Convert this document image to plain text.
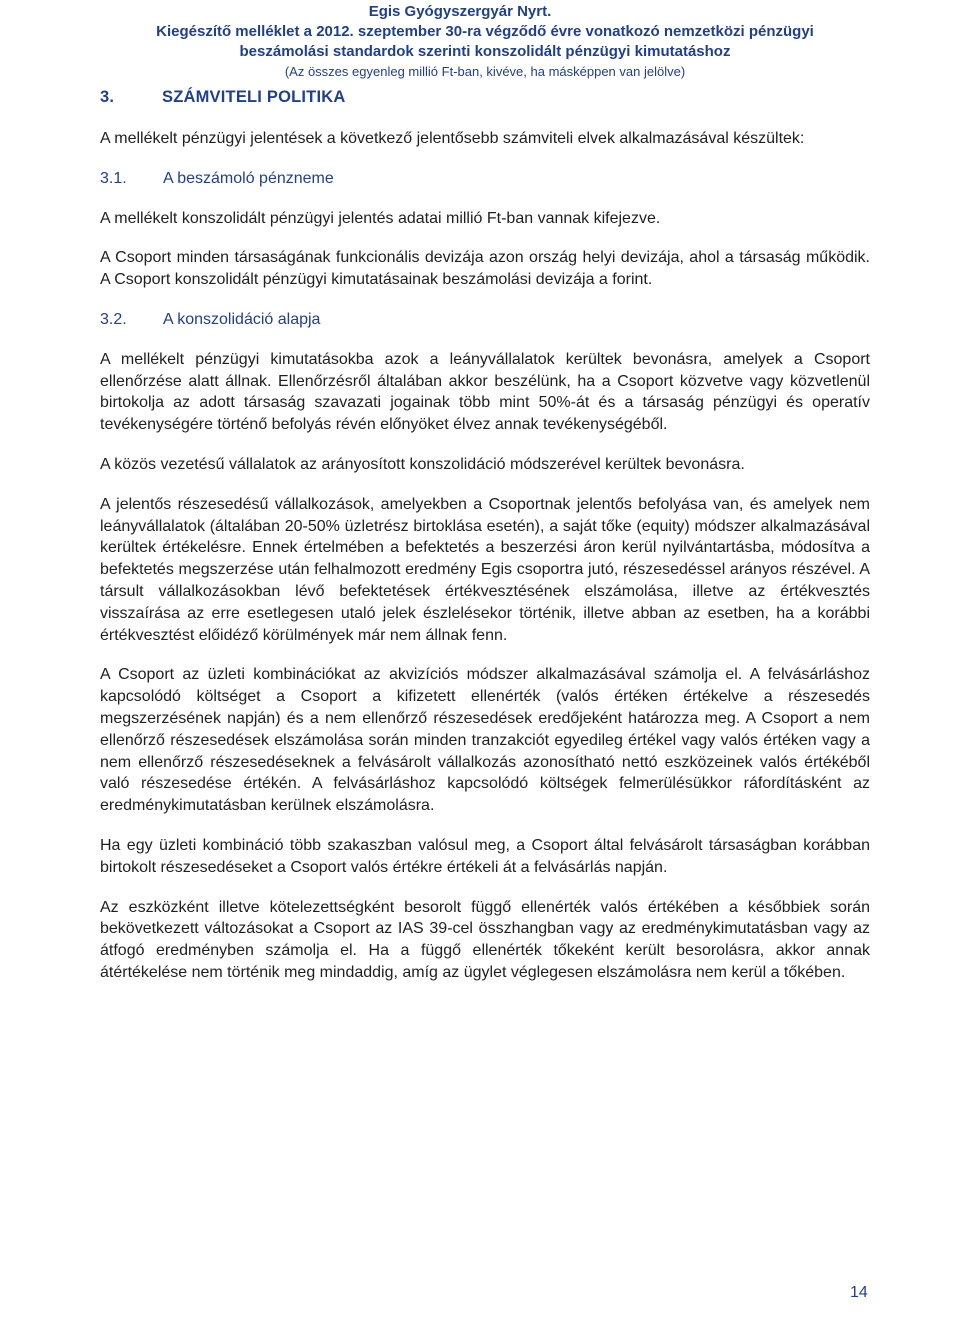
Egis Gyógyszergyár Nyrt.
Kiegészítő melléklet a 2012. szeptember 30-ra végződő évre vonatkozó nemzetközi pénzügyi
beszámolási standardok szerinti konszolidált pénzügyi kimutatáshoz
(Az összes egyenleg millió Ft-ban, kivéve, ha másképpen van jelölve)
3.	SZÁMVITELI POLITIKA

A mellékelt pénzügyi jelentések a következő jelentősebb számviteli elvek alkalmazásával készültek:

3.1. A beszámoló pénzneme

A mellékelt konszolidált pénzügyi jelentés adatai millió Ft-ban vannak kifejezve.

A Csoport minden társaságának funkcionális devizája azon ország helyi devizája, ahol a társaság működik. A Csoport konszolidált pénzügyi kimutatásainak beszámolási devizája a forint.

3.2. A konszolidáció alapja

A mellékelt pénzügyi kimutatásokba azok a leányvállalatok kerültek bevonásra, amelyek a Csoport ellenőrzése alatt állnak. Ellenőrzésről általában akkor beszélünk, ha a Csoport közvetve vagy közvetlenül birtokolja az adott társaság szavazati jogainak több mint 50%-át és a társaság pénzügyi és operatív tevékenységére történő befolyás révén előnyöket élvez annak tevékenységéből.

A közös vezetésű vállalatok az arányosított konszolidáció módszerével kerültek bevonásra.

A jelentős részesedésű vállalkozások, amelyekben a Csoportnak jelentős befolyása van, és amelyek nem leányvállalatok (általában 20-50% üzletrész birtoklása esetén), a saját tőke (equity) módszer alkalmazásával kerültek értékelésre. Ennek értelmében a befektetés a beszerzési áron kerül nyilvántartásba, módosítva a befektetés megszerzése után felhalmozott eredmény Egis csoportra jutó, részesedéssel arányos részével. A társult vállalkozásokban lévő befektetések értékvesztésének elszámolása, illetve az értékvesztés visszaírása az erre esetlegesen utaló jelek észlelésekor történik, illetve abban az esetben, ha a korábbi értékvesztést előidéző körülmények már nem állnak fenn.

A Csoport az üzleti kombinációkat az akvizíciós módszer alkalmazásával számolja el. A felvásárláshoz kapcsolódó költséget a Csoport a kifizetett ellenérték (valós értéken értékelve a részesedés megszerzésének napján) és a nem ellenőrző részesedések eredőjeként határozza meg. A Csoport a nem ellenőrző részesedések elszámolása során minden tranzakciót egyedileg értékel vagy valós értéken vagy a nem ellenőrző részesedéseknek a felvásárolt vállalkozás azonosítható nettó eszközeinek valós értékéből való részesedése értékén. A felvásárláshoz kapcsolódó költségek felmerülésükkor ráfordításként az eredménykimutatásban kerülnek elszámolásra.

Ha egy üzleti kombináció több szakaszban valósul meg, a Csoport által felvásárolt társaságban korábban birtokolt részesedéseket a Csoport valós értékre értékeli át a felvásárlás napján.

Az eszközként illetve kötelezettségként besorolt függő ellenérték valós értékében a későbbiek során bekövetkezett változásokat a Csoport az IAS 39-cel összhangban vagy az eredménykimutatásban vagy az átfogó eredményben számolja el. Ha a függő ellenérték tőkeként került besorolásra, akkor annak átértékelése nem történik meg mindaddig, amíg az ügylet véglegesen elszámolásra nem kerül a tőkében.

14
